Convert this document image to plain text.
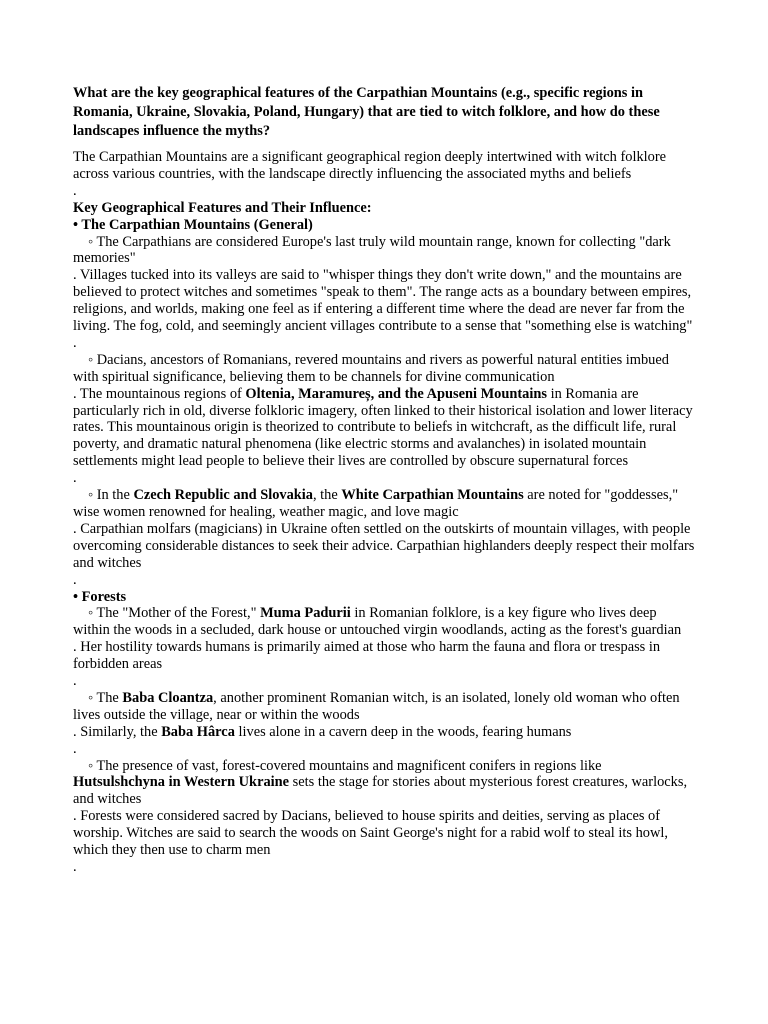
What are the key geographical features of the Carpathian Mountains (e.g., specific regions in Romania, Ukraine, Slovakia, Poland, Hungary) that are tied to witch folklore, and how do these landscapes influence the myths?

The Carpathian Mountains are a significant geographical region deeply intertwined with witch folklore across various countries, with the landscape directly influencing the associated myths and beliefs

.

Key Geographical Features and Their Influence:

• The Carpathian Mountains (General)

◦ The Carpathians are considered Europe's last truly wild mountain range, known for collecting "dark memories"

. Villages tucked into its valleys are said to "whisper things they don't write down," and the mountains are believed to protect witches and sometimes "speak to them". The range acts as a boundary between empires, religions, and worlds, making one feel as if entering a different time where the dead are never far from the living. The fog, cold, and seemingly ancient villages contribute to a sense that "something else is watching"

.

◦ Dacians, ancestors of Romanians, revered mountains and rivers as powerful natural entities imbued with spiritual significance, believing them to be channels for divine communication

. The mountainous regions of Oltenia, Maramureș, and the Apuseni Mountains in Romania are particularly rich in old, diverse folkloric imagery, often linked to their historical isolation and lower literacy rates. This mountainous origin is theorized to contribute to beliefs in witchcraft, as the difficult life, rural poverty, and dramatic natural phenomena (like electric storms and avalanches) in isolated mountain settlements might lead people to believe their lives are controlled by obscure supernatural forces

.

◦ In the Czech Republic and Slovakia, the White Carpathian Mountains are noted for "goddesses," wise women renowned for healing, weather magic, and love magic

. Carpathian molfars (magicians) in Ukraine often settled on the outskirts of mountain villages, with people overcoming considerable distances to seek their advice. Carpathian highlanders deeply respect their molfars and witches

.

• Forests

◦ The "Mother of the Forest," Muma Padurii in Romanian folklore, is a key figure who lives deep within the woods in a secluded, dark house or untouched virgin woodlands, acting as the forest's guardian

. Her hostility towards humans is primarily aimed at those who harm the fauna and flora or trespass in forbidden areas

.

◦ The Baba Cloantza, another prominent Romanian witch, is an isolated, lonely old woman who often lives outside the village, near or within the woods

. Similarly, the Baba Hârca lives alone in a cavern deep in the woods, fearing humans

.

◦ The presence of vast, forest-covered mountains and magnificent conifers in regions like Hutsulshchyna in Western Ukraine sets the stage for stories about mysterious forest creatures, warlocks, and witches

. Forests were considered sacred by Dacians, believed to house spirits and deities, serving as places of worship. Witches are said to search the woods on Saint George's night for a rabid wolf to steal its howl, which they then use to charm men

.
